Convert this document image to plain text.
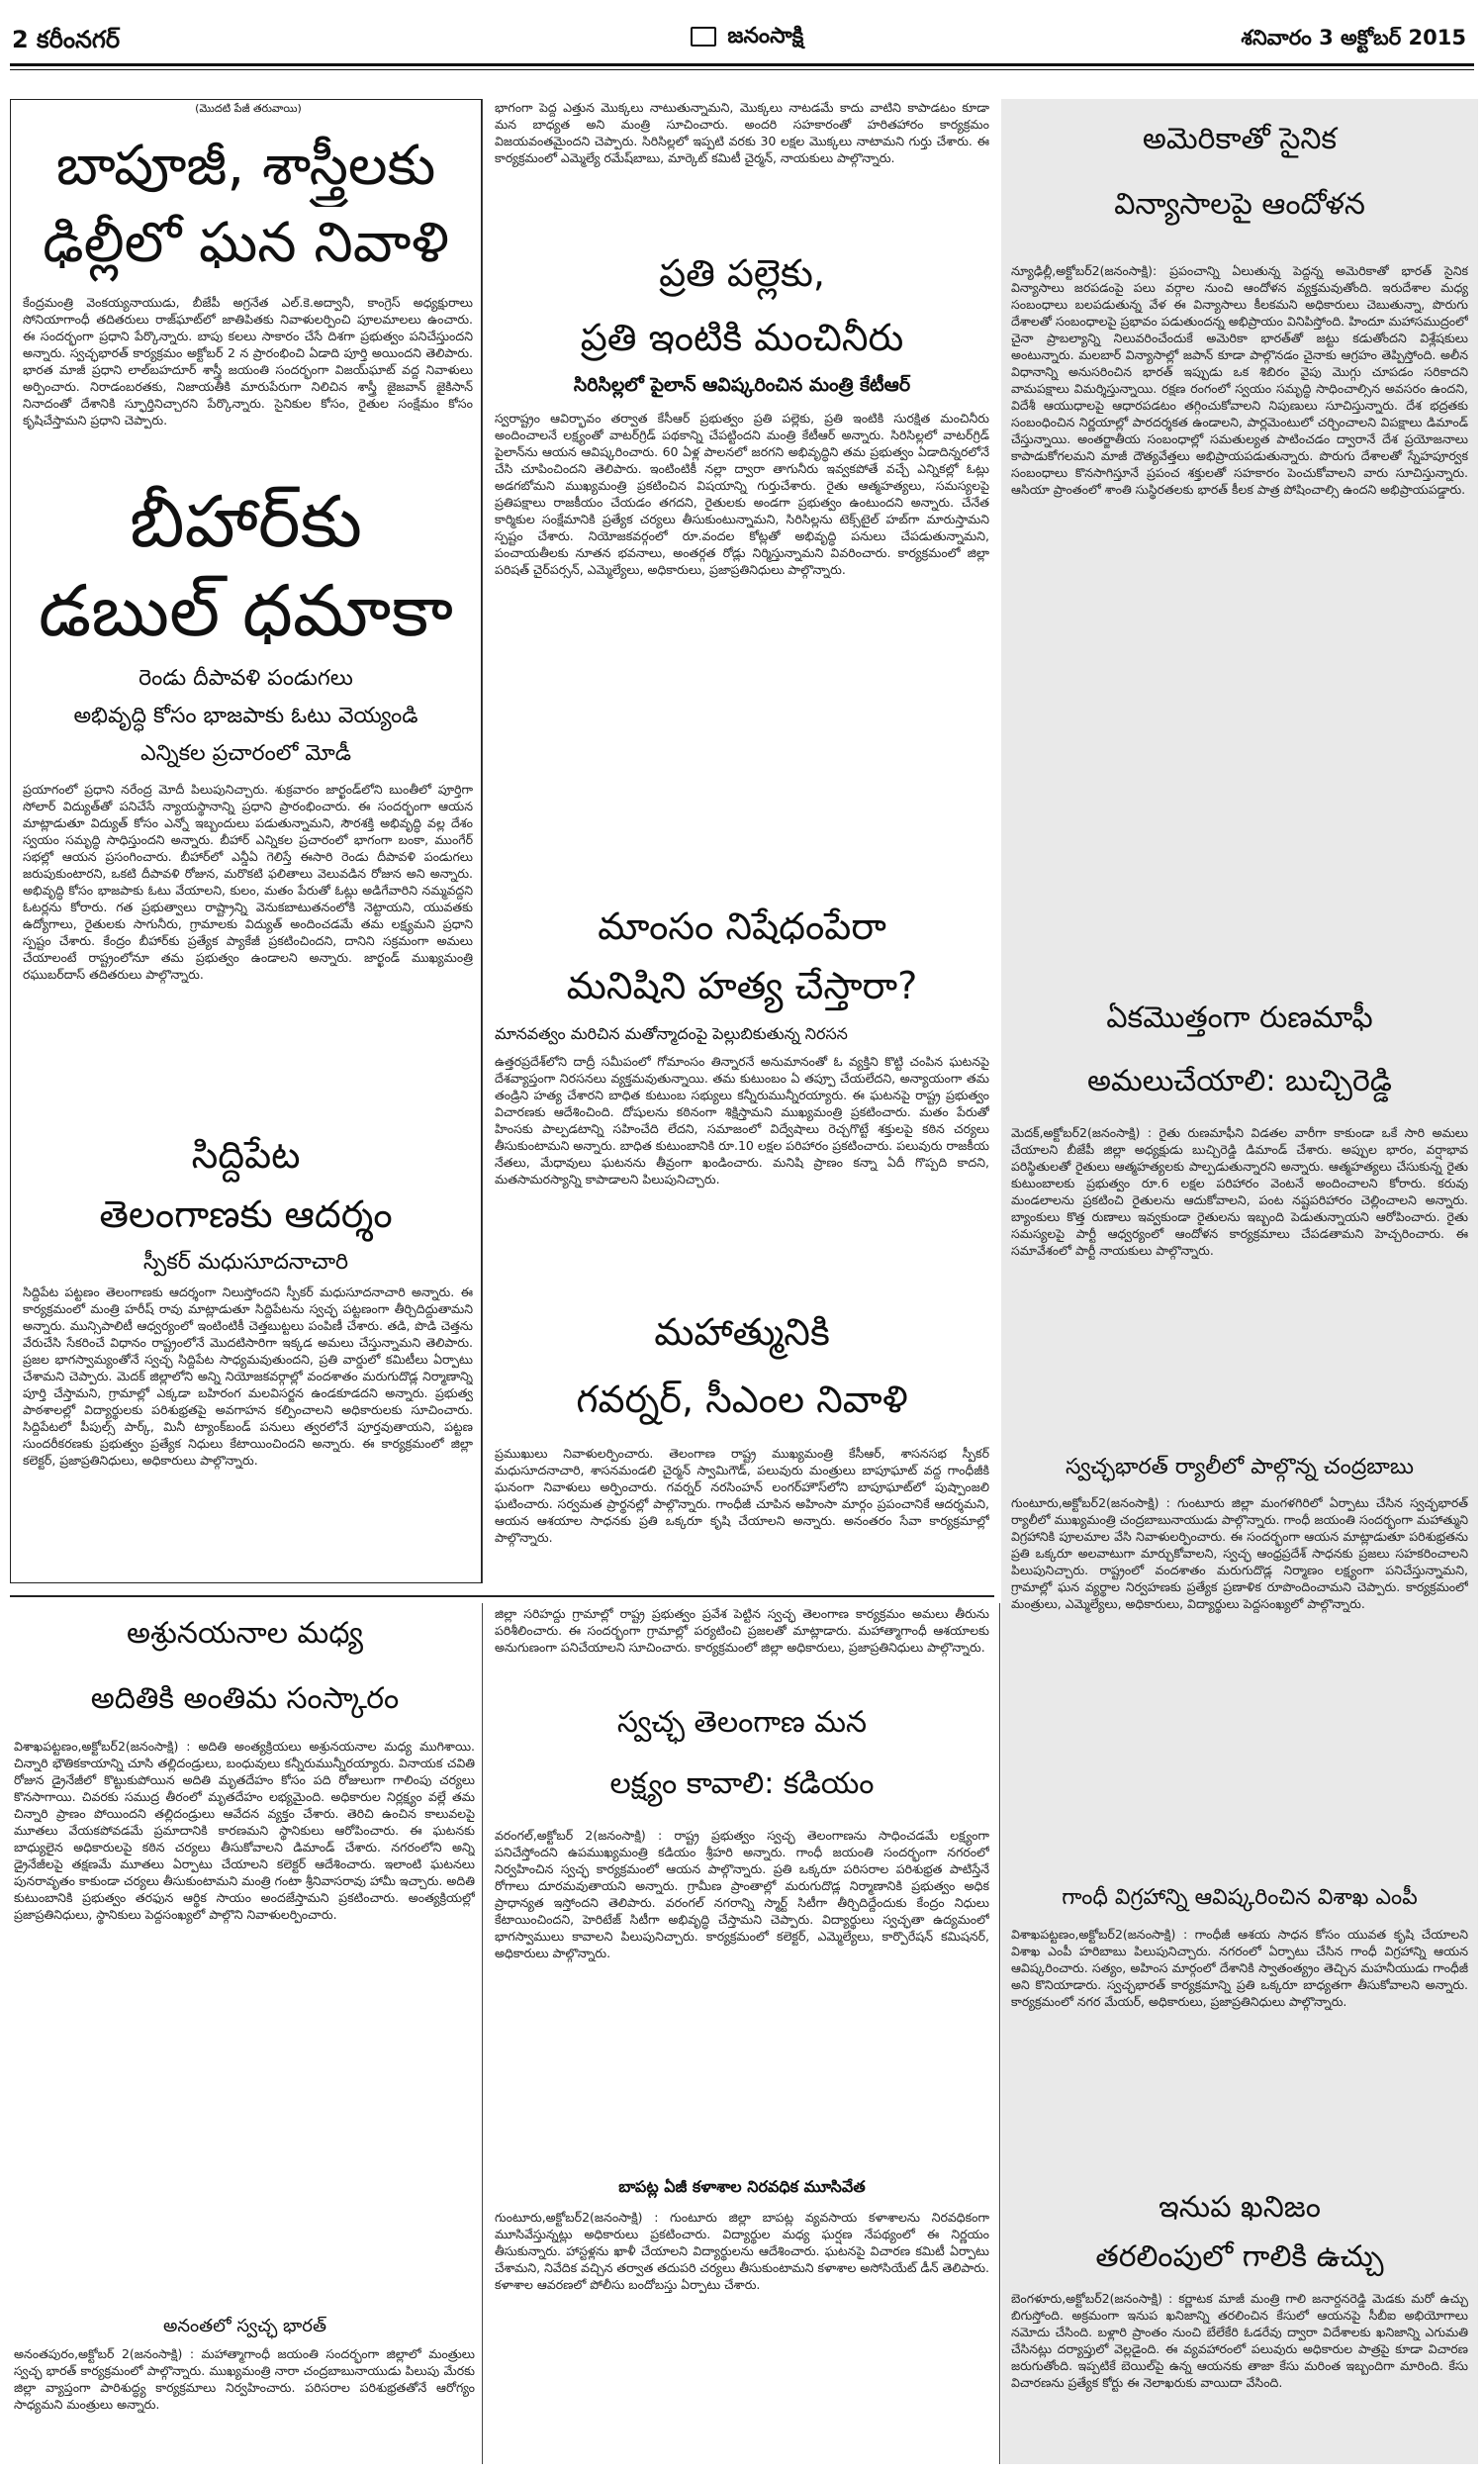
2 కరీంనగర్	జనంసాక్షి	శనివారం 3 అక్టోబర్ 2015
(మొదటి పేజీ తరువాయి)
బాపూజీ, శాస్త్రీలకు
ఢిల్లీలో ఘన నివాళి
కేంద్రమంత్రి వెంకయ్యనాయుడు, బీజేపీ అగ్రనేత ఎల్‌.కె.అద్వానీ, కాంగ్రెస్‌ అధ్యక్షురాలు సోనియాగాంధీ తదితరులు రాజ్‌ఘాట్‌లో జాతిపితకు నివాళులర్పించి పూలమాలలు ఉంచారు. ఈ సందర్భంగా ప్రధాని పేర్కొన్నారు. బాపు కలలు సాకారం చేసే దిశగా ప్రభుత్వం పనిచేస్తుందని అన్నారు. స్వచ్ఛభారత్‌ కార్యక్రమం అక్టోబర్‌ 2 న ప్రారంభించి ఏడాది పూర్తి అయిందని తెలిపారు. భారత మాజీ ప్రధాని లాల్‌బహదూర్‌ శాస్త్రీ జయంతి సందర్భంగా విజయ్‌ఘాట్‌ వద్ద నివాళులు అర్పించారు. నిరాడంబరతకు, నిజాయతీకి మారుపేరుగా నిలిచిన శాస్త్రీ జైజవాన్‌ జైకిసాన్‌ నినాదంతో దేశానికి స్ఫూర్తినిచ్చారని పేర్కొన్నారు. సైనికుల కోసం, రైతుల సంక్షేమం కోసం కృషిచేస్తామని ప్రధాని చెప్పారు.
బీహార్‌కు
డబుల్‌ ధమాకా
రెండు దీపావళి పండుగలు
అభివృద్ధి కోసం భాజపాకు ఓటు వెయ్యండి
ఎన్నికల ప్రచారంలో మోడీ
ప్రయాగంలో ప్రధాని నరేంద్ర మోదీ పిలుపునిచ్చారు. శుక్రవారం జార్ఖండ్‌లోని బుంతీలో పూర్తిగా సోలార్‌ విద్యుత్‌తో పనిచేసే న్యాయస్థానాన్ని ప్రధాని ప్రారంభించారు. ఈ సందర్భంగా ఆయన మాట్లాడుతూ విద్యుత్‌ కోసం ఎన్నో ఇబ్బందులు పడుతున్నామని, సౌరశక్తి అభివృద్ధి వల్ల దేశం స్వయం సమృద్ధి సాధిస్తుందని అన్నారు. బీహార్‌ ఎన్నికల ప్రచారంలో భాగంగా బంకా, ముంగేర్‌ సభల్లో ఆయన ప్రసంగించారు. బీహార్‌లో ఎన్డీఏ గెలిస్తే ఈసారి రెండు దీపావళి పండుగలు జరుపుకుంటారని, ఒకటి దీపావళి రోజున, మరొకటి ఫలితాలు వెలువడిన రోజున అని అన్నారు. అభివృద్ధి కోసం భాజపాకు ఓటు వేయాలని, కులం, మతం పేరుతో ఓట్లు అడిగేవారిని నమ్మవద్దని ఓటర్లను కోరారు. గత ప్రభుత్వాలు రాష్ట్రాన్ని వెనుకబాటుతనంలోకి నెట్టాయని, యువతకు ఉద్యోగాలు, రైతులకు సాగునీరు, గ్రామాలకు విద్యుత్‌ అందించడమే తమ లక్ష్యమని ప్రధాని స్పష్టం చేశారు. కేంద్రం బీహార్‌కు ప్రత్యేక ప్యాకేజీ ప్రకటించిందని, దానిని సక్రమంగా అమలు చేయాలంటే రాష్ట్రంలోనూ తమ ప్రభుత్వం ఉండాలని అన్నారు. జార్ఖండ్‌ ముఖ్యమంత్రి రఘుబర్‌దాస్‌ తదితరులు పాల్గొన్నారు.
సిద్దిపేట
తెలంగాణకు ఆదర్శం
స్పీకర్‌ మధుసూదనాచారి
సిద్దిపేట పట్టణం తెలంగాణకు ఆదర్శంగా నిలుస్తోందని స్పీకర్‌ మధుసూదనాచారి అన్నారు. ఈ కార్యక్రమంలో మంత్రి హరీష్‌ రావు మాట్లాడుతూ సిద్దిపేటను స్వచ్ఛ పట్టణంగా తీర్చిదిద్దుతామని అన్నారు. మున్సిపాలిటీ ఆధ్వర్యంలో ఇంటింటికీ చెత్తబుట్టలు పంపిణీ చేశారు. తడి, పొడి చెత్తను వేరుచేసి సేకరించే విధానం రాష్ట్రంలోనే మొదటిసారిగా ఇక్కడ అమలు చేస్తున్నామని తెలిపారు. ప్రజల భాగస్వామ్యంతోనే స్వచ్ఛ సిద్దిపేట సాధ్యమవుతుందని, ప్రతి వార్డులో కమిటీలు ఏర్పాటు చేశామని చెప్పారు. మెదక్‌ జిల్లాలోని అన్ని నియోజకవర్గాల్లో వందశాతం మరుగుదొడ్ల నిర్మాణాన్ని పూర్తి చేస్తామని, గ్రామాల్లో ఎక్కడా బహిరంగ మలవిసర్జన ఉండకూడదని అన్నారు. ప్రభుత్వ పాఠశాలల్లో విద్యార్థులకు పరిశుభ్రతపై అవగాహన కల్పించాలని అధికారులకు సూచించారు. సిద్దిపేటలో పీపుల్స్‌ పార్క్‌, మినీ ట్యాంక్‌బండ్‌ పనులు త్వరలోనే పూర్తవుతాయని, పట్టణ సుందరీకరణకు ప్రభుత్వం ప్రత్యేక నిధులు కేటాయించిందని అన్నారు. ఈ కార్యక్రమంలో జిల్లా కలెక్టర్‌, ప్రజాప్రతినిధులు, అధికారులు పాల్గొన్నారు.
భాగంగా పెద్ద ఎత్తున మొక్కలు నాటుతున్నామని, మొక్కలు నాటడమే కాదు వాటిని కాపాడటం కూడా మన బాధ్యత అని మంత్రి సూచించారు. అందరి సహకారంతో హరితహారం కార్యక్రమం విజయవంతమైందని చెప్పారు. సిరిసిల్లలో ఇప్పటి వరకు 30 లక్షల మొక్కలు నాటామని గుర్తు చేశారు. ఈ కార్యక్రమంలో ఎమ్మెల్యే రమేష్‌బాబు, మార్కెట్‌ కమిటీ చైర్మన్‌, నాయకులు పాల్గొన్నారు.
ప్రతి పల్లెకు,
ప్రతి ఇంటికి మంచినీరు
సిరిసిల్లలో పైలాన్‌ ఆవిష్కరించిన మంత్రి కేటీఆర్‌
స్వరాష్ట్రం ఆవిర్భావం తర్వాత కేసీఆర్‌ ప్రభుత్వం ప్రతి పల్లెకు, ప్రతి ఇంటికి సురక్షిత మంచినీరు అందించాలనే లక్ష్యంతో వాటర్‌గ్రిడ్‌ పథకాన్ని చేపట్టిందని మంత్రి కేటీఆర్‌ అన్నారు. సిరిసిల్లలో వాటర్‌గ్రిడ్‌ పైలాన్‌ను ఆయన ఆవిష్కరించారు. 60 ఏళ్ల పాలనలో జరగని అభివృద్ధిని తమ ప్రభుత్వం ఏడాదిన్నరలోనే చేసి చూపించిందని తెలిపారు. ఇంటింటికీ నల్లా ద్వారా తాగునీరు ఇవ్వకపోతే వచ్చే ఎన్నికల్లో ఓట్లు అడగబోమని ముఖ్యమంత్రి ప్రకటించిన విషయాన్ని గుర్తుచేశారు. రైతు ఆత్మహత్యలు, సమస్యలపై ప్రతిపక్షాలు రాజకీయం చేయడం తగదని, రైతులకు అండగా ప్రభుత్వం ఉంటుందని అన్నారు. చేనేత కార్మికుల సంక్షేమానికి ప్రత్యేక చర్యలు తీసుకుంటున్నామని, సిరిసిల్లను టెక్స్‌టైల్‌ హబ్‌గా మారుస్తామని స్పష్టం చేశారు. నియోజకవర్గంలో రూ.వందల కోట్లతో అభివృద్ధి పనులు చేపడుతున్నామని, పంచాయతీలకు నూతన భవనాలు, అంతర్గత రోడ్లు నిర్మిస్తున్నామని వివరించారు. కార్యక్రమంలో జిల్లా పరిషత్‌ చైర్‌పర్సన్‌, ఎమ్మెల్యేలు, అధికారులు, ప్రజాప్రతినిధులు పాల్గొన్నారు.
మాంసం నిషేధంపేరా
మనిషిని హత్య చేస్తారా?
మానవత్వం మరిచిన మతోన్మాదంపై పెల్లుబికుతున్న నిరసన
ఉత్తరప్రదేశ్‌లోని దాద్రీ సమీపంలో గోమాంసం తిన్నారనే అనుమానంతో ఓ వ్యక్తిని కొట్టి చంపిన ఘటనపై దేశవ్యాప్తంగా నిరసనలు వ్యక్తమవుతున్నాయి. తమ కుటుంబం ఏ తప్పూ చేయలేదని, అన్యాయంగా తమ తండ్రిని హత్య చేశారని బాధిత కుటుంబ సభ్యులు కన్నీరుమున్నీరయ్యారు. ఈ ఘటనపై రాష్ట్ర ప్రభుత్వం విచారణకు ఆదేశించింది. దోషులను కఠినంగా శిక్షిస్తామని ముఖ్యమంత్రి ప్రకటించారు. మతం పేరుతో హింసకు పాల్పడటాన్ని సహించేది లేదని, సమాజంలో విద్వేషాలు రెచ్చగొట్టే శక్తులపై కఠిన చర్యలు తీసుకుంటామని అన్నారు. బాధిత కుటుంబానికి రూ.10 లక్షల పరిహారం ప్రకటించారు. పలువురు రాజకీయ నేతలు, మేధావులు ఘటనను తీవ్రంగా ఖండించారు. మనిషి ప్రాణం కన్నా ఏదీ గొప్పది కాదని, మతసామరస్యాన్ని కాపాడాలని పిలుపునిచ్చారు.
మహాత్మునికి
గవర్నర్‌, సీఎంల నివాళి
ప్రముఖులు నివాళులర్పించారు. తెలంగాణ రాష్ట్ర ముఖ్యమంత్రి కేసీఆర్‌, శాసనసభ స్పీకర్‌ మధుసూదనాచారి, శాసనమండలి చైర్మన్‌ స్వామిగౌడ్‌, పలువురు మంత్రులు బాపూఘాట్‌ వద్ద గాంధీజీకి ఘనంగా నివాళులు అర్పించారు. గవర్నర్‌ నరసింహన్‌ లంగర్‌హౌస్‌లోని బాపూఘాట్‌లో పుష్పాంజలి ఘటించారు. సర్వమత ప్రార్థనల్లో పాల్గొన్నారు. గాంధీజీ చూపిన అహింసా మార్గం ప్రపంచానికే ఆదర్శమని, ఆయన ఆశయాల సాధనకు ప్రతి ఒక్కరూ కృషి చేయాలని అన్నారు. అనంతరం సేవా కార్యక్రమాల్లో పాల్గొన్నారు.
అమెరికాతో సైనిక
విన్యాసాలపై ఆందోళన
న్యూఢిల్లీ,అక్టోబర్‌2(జనంసాక్షి): ప్రపంచాన్ని ఏలుతున్న పెద్దన్న అమెరికాతో భారత్‌ సైనిక విన్యాసాలు జరపడంపై పలు వర్గాల నుంచి ఆందోళన వ్యక్తమవుతోంది. ఇరుదేశాల మధ్య సంబంధాలు బలపడుతున్న వేళ ఈ విన్యాసాలు కీలకమని అధికారులు చెబుతున్నా, పొరుగు దేశాలతో సంబంధాలపై ప్రభావం పడుతుందన్న అభిప్రాయం వినిపిస్తోంది. హిందూ మహాసముద్రంలో చైనా ప్రాబల్యాన్ని నిలువరించేందుకే అమెరికా భారత్‌తో జట్టు కడుతోందని విశ్లేషకులు అంటున్నారు. మలబార్‌ విన్యాసాల్లో జపాన్‌ కూడా పాల్గొనడం చైనాకు ఆగ్రహం తెప్పిస్తోంది. అలీన విధానాన్ని అనుసరించిన భారత్‌ ఇప్పుడు ఒక శిబిరం వైపు మొగ్గు చూపడం సరికాదని వామపక్షాలు విమర్శిస్తున్నాయి. రక్షణ రంగంలో స్వయం సమృద్ధి సాధించాల్సిన అవసరం ఉందని, విదేశీ ఆయుధాలపై ఆధారపడటం తగ్గించుకోవాలని నిపుణులు సూచిస్తున్నారు. దేశ భద్రతకు సంబంధించిన నిర్ణయాల్లో పారదర్శకత ఉండాలని, పార్లమెంటులో చర్చించాలని విపక్షాలు డిమాండ్‌ చేస్తున్నాయి. అంతర్జాతీయ సంబంధాల్లో సమతుల్యత పాటించడం ద్వారానే దేశ ప్రయోజనాలు కాపాడుకోగలమని మాజీ దౌత్యవేత్తలు అభిప్రాయపడుతున్నారు. పొరుగు దేశాలతో స్నేహపూర్వక సంబంధాలు కొనసాగిస్తూనే ప్రపంచ శక్తులతో సహకారం పెంచుకోవాలని వారు సూచిస్తున్నారు. ఆసియా ప్రాంతంలో శాంతి సుస్థిరతలకు భారత్‌ కీలక పాత్ర పోషించాల్సి ఉందని అభిప్రాయపడ్డారు.
ఏకమొత్తంగా రుణమాఫీ
అమలుచేయాలి: బుచ్చిరెడ్డి
మెదక్‌,అక్టోబర్‌2(జనంసాక్షి) : రైతు రుణమాఫీని విడతల వారీగా కాకుండా ఒకే సారి అమలు చేయాలని బీజేపీ జిల్లా అధ్యక్షుడు బుచ్చిరెడ్డి డిమాండ్‌ చేశారు. అప్పుల భారం, వర్షాభావ పరిస్థితులతో రైతులు ఆత్మహత్యలకు పాల్పడుతున్నారని అన్నారు. ఆత్మహత్యలు చేసుకున్న రైతు కుటుంబాలకు ప్రభుత్వం రూ.6 లక్షల పరిహారం వెంటనే అందించాలని కోరారు. కరువు మండలాలను ప్రకటించి రైతులను ఆదుకోవాలని, పంట నష్టపరిహారం చెల్లించాలని అన్నారు. బ్యాంకులు కొత్త రుణాలు ఇవ్వకుండా రైతులను ఇబ్బంది పెడుతున్నాయని ఆరోపించారు. రైతు సమస్యలపై పార్టీ ఆధ్వర్యంలో ఆందోళన కార్యక్రమాలు చేపడతామని హెచ్చరించారు. ఈ సమావేశంలో పార్టీ నాయకులు పాల్గొన్నారు.
స్వచ్ఛభారత్‌ ర్యాలీలో పాల్గొన్న చంద్రబాబు
గుంటూరు,అక్టోబర్‌2(జనంసాక్షి) : గుంటూరు జిల్లా మంగళగిరిలో ఏర్పాటు చేసిన స్వచ్ఛభారత్‌ ర్యాలీలో ముఖ్యమంత్రి చంద్రబాబునాయుడు పాల్గొన్నారు. గాంధీ జయంతి సందర్భంగా మహాత్ముని విగ్రహానికి పూలమాల వేసి నివాళులర్పించారు. ఈ సందర్భంగా ఆయన మాట్లాడుతూ పరిశుభ్రతను ప్రతి ఒక్కరూ అలవాటుగా మార్చుకోవాలని, స్వచ్ఛ ఆంధ్రప్రదేశ్‌ సాధనకు ప్రజలు సహకరించాలని పిలుపునిచ్చారు. రాష్ట్రంలో వందశాతం మరుగుదొడ్ల నిర్మాణం లక్ష్యంగా పనిచేస్తున్నామని, గ్రామాల్లో ఘన వ్యర్థాల నిర్వహణకు ప్రత్యేక ప్రణాళిక రూపొందించామని చెప్పారు. కార్యక్రమంలో మంత్రులు, ఎమ్మెల్యేలు, అధికారులు, విద్యార్థులు పెద్దసంఖ్యలో పాల్గొన్నారు.
గాంధీ విగ్రహాన్ని ఆవిష్కరించిన విశాఖ ఎంపీ
విశాఖపట్టణం,అక్టోబర్‌2(జనంసాక్షి) : గాంధీజీ ఆశయ సాధన కోసం యువత కృషి చేయాలని విశాఖ ఎంపీ హరిబాబు పిలుపునిచ్చారు. నగరంలో ఏర్పాటు చేసిన గాంధీ విగ్రహాన్ని ఆయన ఆవిష్కరించారు. సత్యం, అహింస మార్గంలో దేశానికి స్వాతంత్య్రం తెచ్చిన మహనీయుడు గాంధీజీ అని కొనియాడారు. స్వచ్ఛభారత్‌ కార్యక్రమాన్ని ప్రతి ఒక్కరూ బాధ్యతగా తీసుకోవాలని అన్నారు. కార్యక్రమంలో నగర మేయర్‌, అధికారులు, ప్రజాప్రతినిధులు పాల్గొన్నారు.
ఇనుప ఖనిజం
తరలింపులో గాలికి ఉచ్చు
బెంగళూరు,అక్టోబర్‌2(జనంసాక్షి) : కర్ణాటక మాజీ మంత్రి గాలి జనార్దనరెడ్డి మెడకు మరో ఉచ్చు బిగుస్తోంది. అక్రమంగా ఇనుప ఖనిజాన్ని తరలించిన కేసులో ఆయనపై సీబీఐ అభియోగాలు నమోదు చేసింది. బళ్లారి ప్రాంతం నుంచి బేలేకేరి ఓడరేవు ద్వారా విదేశాలకు ఖనిజాన్ని ఎగుమతి చేసినట్లు దర్యాప్తులో వెల్లడైంది. ఈ వ్యవహారంలో పలువురు అధికారుల పాత్రపై కూడా విచారణ జరుగుతోంది. ఇప్పటికే బెయిల్‌పై ఉన్న ఆయనకు తాజా కేసు మరింత ఇబ్బందిగా మారింది. కేసు విచారణను ప్రత్యేక కోర్టు ఈ నెలాఖరుకు వాయిదా వేసింది.
అశ్రునయనాల మధ్య
అదితికి అంతిమ సంస్కారం
విశాఖపట్టణం,అక్టోబర్‌2(జనంసాక్షి) : అదితి అంత్యక్రియలు అశ్రునయనాల మధ్య ముగిశాయి. చిన్నారి భౌతికకాయాన్ని చూసి తల్లిదండ్రులు, బంధువులు కన్నీరుమున్నీరయ్యారు. వినాయక చవితి రోజున డ్రైనేజీలో కొట్టుకుపోయిన అదితి మృతదేహం కోసం పది రోజులుగా గాలింపు చర్యలు కొనసాగాయి. చివరకు సముద్ర తీరంలో మృతదేహం లభ్యమైంది. అధికారుల నిర్లక్ష్యం వల్లే తమ చిన్నారి ప్రాణం పోయిందని తల్లిదండ్రులు ఆవేదన వ్యక్తం చేశారు. తెరిచి ఉంచిన కాలువలపై మూతలు వేయకపోవడమే ప్రమాదానికి కారణమని స్థానికులు ఆరోపించారు. ఈ ఘటనకు బాధ్యులైన అధికారులపై కఠిన చర్యలు తీసుకోవాలని డిమాండ్‌ చేశారు. నగరంలోని అన్ని డ్రైనేజీలపై తక్షణమే మూతలు ఏర్పాటు చేయాలని కలెక్టర్‌ ఆదేశించారు. ఇలాంటి ఘటనలు పునరావృతం కాకుండా చర్యలు తీసుకుంటామని మంత్రి గంటా శ్రీనివాసరావు హామీ ఇచ్చారు. అదితి కుటుంబానికి ప్రభుత్వం తరఫున ఆర్థిక సాయం అందజేస్తామని ప్రకటించారు. అంత్యక్రియల్లో ప్రజాప్రతినిధులు, స్థానికులు పెద్దసంఖ్యలో పాల్గొని నివాళులర్పించారు.
అనంతలో స్వచ్ఛ భారత్‌
అనంతపురం,అక్టోబర్‌ 2(జనంసాక్షి) : మహాత్మాగాంధీ జయంతి సందర్భంగా జిల్లాలో మంత్రులు స్వచ్ఛ భారత్‌ కార్యక్రమంలో పాల్గొన్నారు. ముఖ్యమంత్రి నారా చంద్రబాబునాయుడు పిలుపు మేరకు జిల్లా వ్యాప్తంగా పారిశుద్ధ్య కార్యక్రమాలు నిర్వహించారు. పరిసరాల పరిశుభ్రతతోనే ఆరోగ్యం సాధ్యమని మంత్రులు అన్నారు.
జిల్లా సరిహద్దు గ్రామాల్లో రాష్ట్ర ప్రభుత్వం ప్రవేశ పెట్టిన స్వచ్ఛ తెలంగాణ కార్యక్రమం అమలు తీరును పరిశీలించారు. ఈ సందర్భంగా గ్రామాల్లో పర్యటించి ప్రజలతో మాట్లాడారు. మహాత్మాగాంధీ ఆశయాలకు అనుగుణంగా పనిచేయాలని సూచించారు. కార్యక్రమంలో జిల్లా అధికారులు, ప్రజాప్రతినిధులు పాల్గొన్నారు.
స్వచ్ఛ తెలంగాణ మన
లక్ష్యం కావాలి: కడియం
వరంగల్‌,అక్టోబర్‌ 2(జనంసాక్షి) : రాష్ట్ర ప్రభుత్వం స్వచ్ఛ తెలంగాణను సాధించడమే లక్ష్యంగా పనిచేస్తోందని ఉపముఖ్యమంత్రి కడియం శ్రీహరి అన్నారు. గాంధీ జయంతి సందర్భంగా నగరంలో నిర్వహించిన స్వచ్ఛ కార్యక్రమంలో ఆయన పాల్గొన్నారు. ప్రతి ఒక్కరూ పరిసరాల పరిశుభ్రత పాటిస్తేనే రోగాలు దూరమవుతాయని అన్నారు. గ్రామీణ ప్రాంతాల్లో మరుగుదొడ్ల నిర్మాణానికి ప్రభుత్వం అధిక ప్రాధాన్యత ఇస్తోందని తెలిపారు. వరంగల్‌ నగరాన్ని స్మార్ట్‌ సిటీగా తీర్చిదిద్దేందుకు కేంద్రం నిధులు కేటాయించిందని, హెరిటేజ్‌ సిటీగా అభివృద్ధి చేస్తామని చెప్పారు. విద్యార్థులు స్వచ్ఛతా ఉద్యమంలో భాగస్వాములు కావాలని పిలుపునిచ్చారు. కార్యక్రమంలో కలెక్టర్‌, ఎమ్మెల్యేలు, కార్పొరేషన్‌ కమిషనర్‌, అధికారులు పాల్గొన్నారు.
బాపట్ల ఏజీ కళాశాల నిరవధిక మూసివేత
గుంటూరు,అక్టోబర్‌2(జనంసాక్షి) : గుంటూరు జిల్లా బాపట్ల వ్యవసాయ కళాశాలను నిరవధికంగా మూసివేస్తున్నట్లు అధికారులు ప్రకటించారు. విద్యార్థుల మధ్య ఘర్షణ నేపథ్యంలో ఈ నిర్ణయం తీసుకున్నారు. హాస్టళ్లను ఖాళీ చేయాలని విద్యార్థులను ఆదేశించారు. ఘటనపై విచారణ కమిటీ ఏర్పాటు చేశామని, నివేదిక వచ్చిన తర్వాత తదుపరి చర్యలు తీసుకుంటామని కళాశాల అసోసియేట్‌ డీన్‌ తెలిపారు. కళాశాల ఆవరణలో పోలీసు బందోబస్తు ఏర్పాటు చేశారు.
